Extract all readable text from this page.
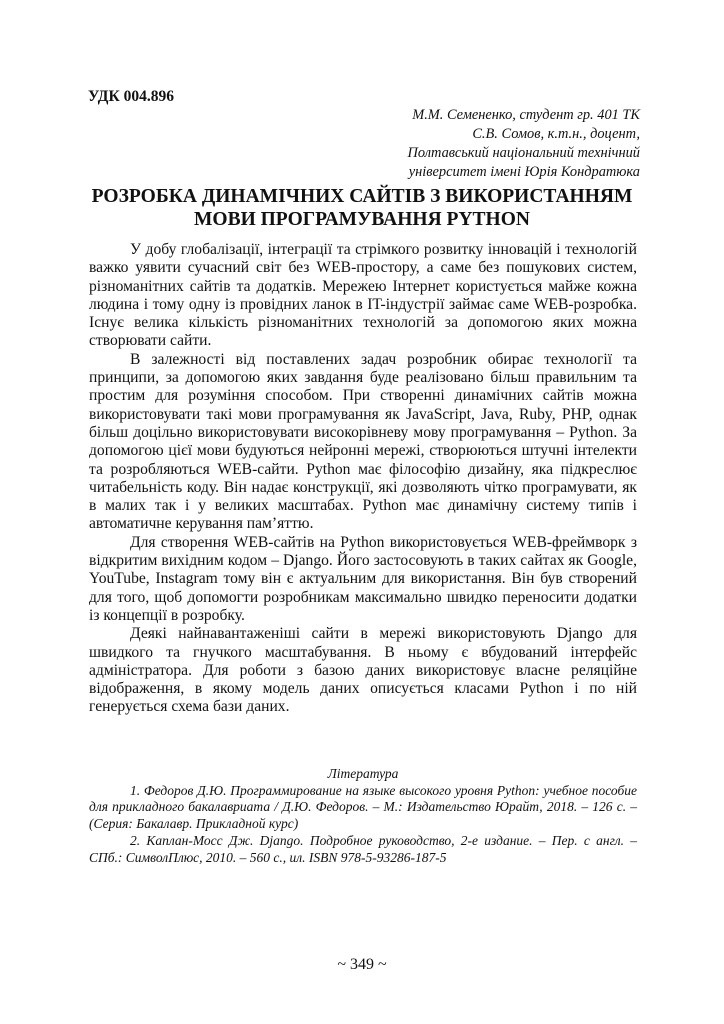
УДК 004.896
М.М. Семененко, студент гр. 401 ТК
С.В. Сомов, к.т.н., доцент,
Полтавський національний технічний
університет імені Юрія Кондратюка
РОЗРОБКА ДИНАМІЧНИХ САЙТІВ З ВИКОРИСТАННЯМ
МОВИ ПРОГРАМУВАННЯ PYTHON

У добу глобалізації, інтеграції та стрімкого розвитку інновацій і технологій важко уявити сучасний світ без WEB-простору, а саме без пошукових систем, різноманітних сайтів та додатків. Мережею Інтернет користується майже кожна людина і тому одну із провідних ланок в IT-індустрії займає саме WEB-розробка. Існує велика кількість різноманітних технологій за допомогою яких можна створювати сайти.

В залежності від поставлених задач розробник обирає технології та принципи, за допомогою яких завдання буде реалізовано більш правильним та простим для розуміння способом. При створенні динамічних сайтів можна використовувати такі мови програмування як JavaScript, Java, Ruby, PHP, однак більш доцільно використовувати високорівневу мову програмування – Python. За допомогою цієї мови будуються нейронні мережі, створюються штучні інтелекти та розробляються WEB-сайти. Python має філософію дизайну, яка підкреслює читабельність коду. Він надає конструкції, які дозволяють чітко програмувати, як в малих так і у великих масштабах. Python має динамічну систему типів і автоматичне керування пам’яттю.

Для створення WEB-сайтів на Python використовується WEB-фреймворк з відкритим вихідним кодом – Django. Його застосовують в таких сайтах як Google, YouTube, Instagram тому він є актуальним для використання. Він був створений для того, щоб допомогти розробникам максимально швидко переносити додатки із концепції в розробку.

Деякі найнавантаженіші сайти в мережі використовують Django для швидкого та гнучкого масштабування. В ньому є вбудований інтерфейс адміністратора. Для роботи з базою даних використовує власне реляційне відображення, в якому модель даних описується класами Python і по ній генерується схема бази даних.

Література

1. Федоров Д.Ю. Программирование на языке высокого уровня Python: учебное пособие для прикладного бакалавриата / Д.Ю. Федоров. – М.: Издательство Юрайт, 2018. – 126 с. – (Серия: Бакалавр. Прикладной курс)

2. Каплан-Мосс Дж. Django. Подробное руководство, 2-е издание. – Пер. с англ. – СПб.: СимволПлюс, 2010. – 560 с., ил. ISBN 978-5-93286-187-5

~ 349 ~
